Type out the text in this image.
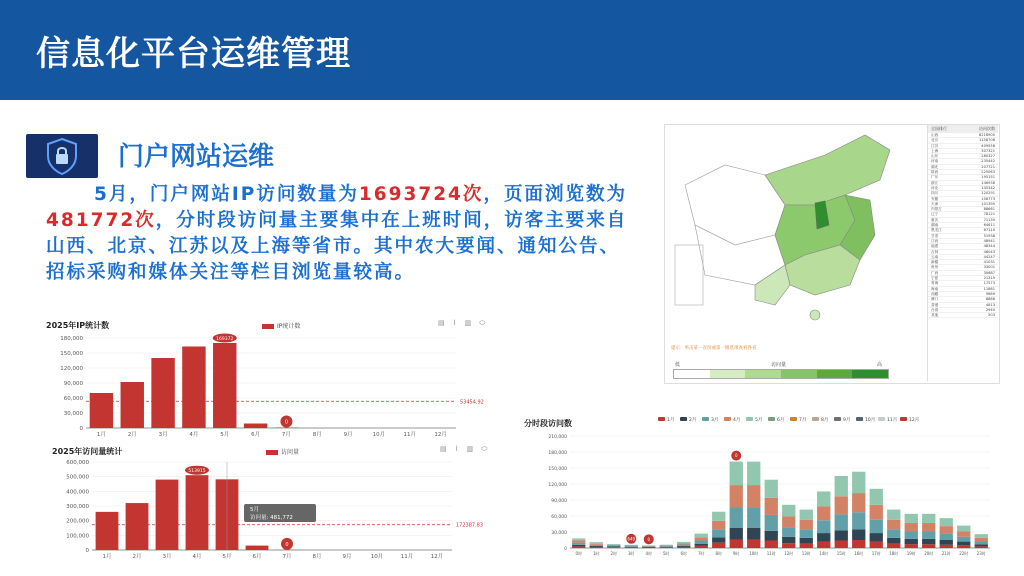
信息化平台运维管理
门户网站运维
5月，门户网站IP访问数量为1693724次，页面浏览数为481772次，分时段访问量主要集中在上班时间，访客主要来自山西、北京、江苏以及上海等省市。其中农大要闻、通知公告、招标采购和媒体关注等栏目浏览量较高。
2025年IP统计数	IP统计数	▤ ⌇ ▥ ⬭
0
30,000
60,000
90,000
120,000
150,000
180,000
1月	2月	3月	4月	5月	6月	7月	8月	9月	10月	11月	12月
169372
0
53454.92
2025年访问量统计	访问量	▤ ⌇ ▥ ⬭
0
100,000
200,000
300,000
400,000
500,000
600,000
1月	2月	3月	4月	5月	6月	7月	8月	9月	10月	11月	12月
513915
0
172387.83
5月
访问量: 481,772
分时段访问数
0
30,000
60,000
90,000
120,000
150,000
180,000
210,000
1月	2月	3月	4月	5月	6月	7月	8月	9月	10月	11月	12月
0时	1时	2时	3时	4时	5时	6时	7时	8时	9时 10时 11时 12时 13时 14时 15时 16时 17时 18时 19时 20时 21时 22时 23时
649	0
0
提示：单击某一省份或第一级选项查看各省
低	访问量	高
全国排行	访问次数
山西	8218900
北京	1158708
江苏	409558
上海	307321
山东	280327
河南	235442
湖北	207721
陕西	225063
广东	195151
浙江	146938
河北	135342
四川	120291
安徽	108773
天津	101395
内蒙古	88661
辽宁	78121
重庆	71130
湖南	64611
黑龙江	67110
甘肃	51938
江西	48941
福建	48344
吉林	46043
云南	44247
新疆	41031
贵州	33001
广西	30687
宁夏	21319
青海	17573
海南	11861
西藏	9689
澳门	8866
香港	4813
台湾	2940
其他	503
